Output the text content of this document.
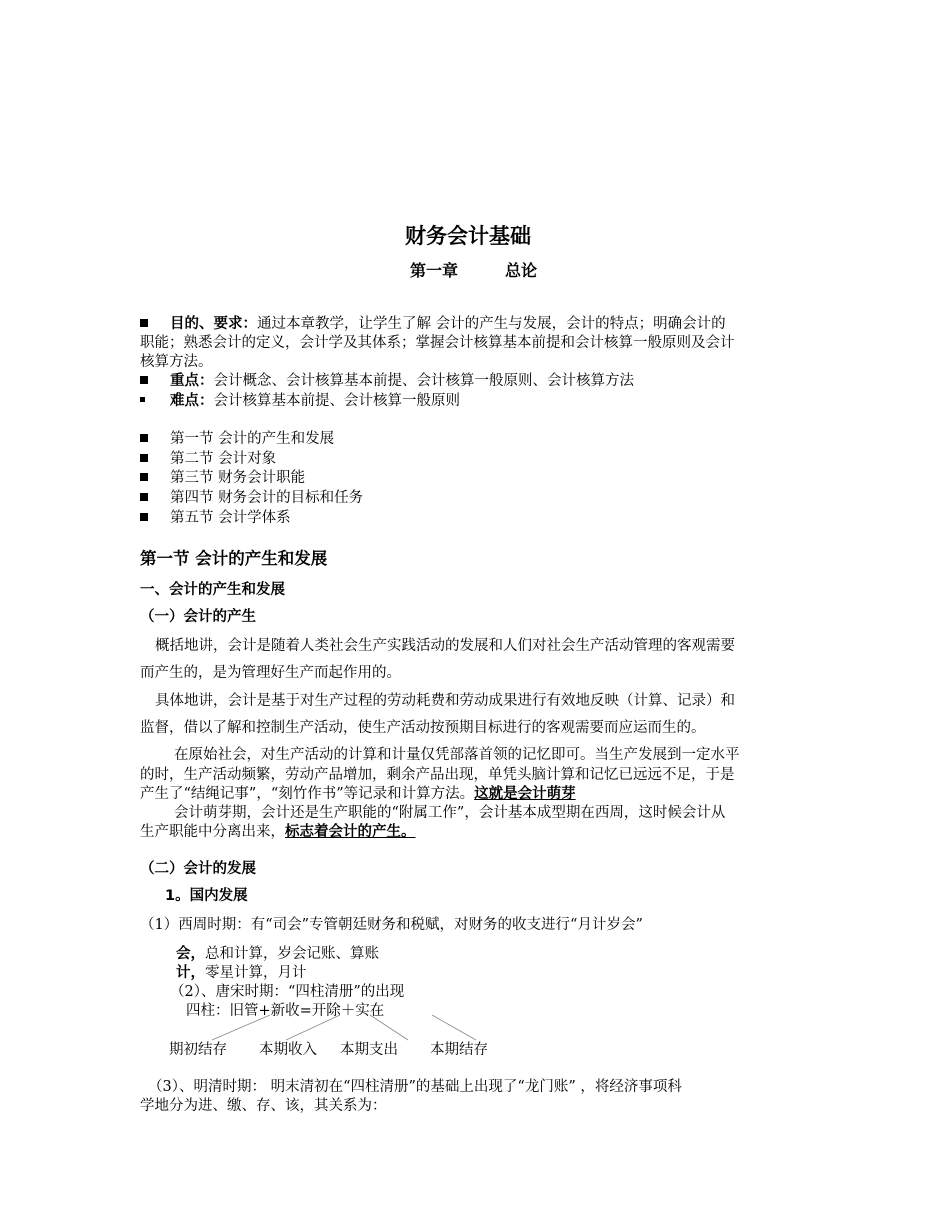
财务会计基础
第一章	总论
目的、要求：通过本章教学，让学生了解 会计的产生与发展，会计的特点；明确会计的
职能；熟悉会计的定义，会计学及其体系；掌握会计核算基本前提和会计核算一般原则及会计
核算方法。
重点：会计概念、会计核算基本前提、会计核算一般原则、会计核算方法
难点：会计核算基本前提、会计核算一般原则
第一节 会计的产生和发展
第二节 会计对象
第三节 财务会计职能
第四节 财务会计的目标和任务
第五节 会计学体系
第一节 会计的产生和发展
一、会计的产生和发展
（一）会计的产生
概括地讲，会计是随着人类社会生产实践活动的发展和人们对社会生产活动管理的客观需要
而产生的，是为管理好生产而起作用的。
具体地讲，会计是基于对生产过程的劳动耗费和劳动成果进行有效地反映（计算、记录）和
监督，借以了解和控制生产活动，使生产活动按预期目标进行的客观需要而应运而生的。
在原始社会，对生产活动的计算和计量仅凭部落首领的记忆即可。当生产发展到一定水平
的时，生产活动频繁，劳动产品增加，剩余产品出现，单凭头脑计算和记忆已远远不足，于是
产生了“结绳记事”，“刻竹作书”等记录和计算方法。这就是会计萌芽
会计萌芽期，会计还是生产职能的“附属工作”，会计基本成型期在西周，这时候会计从
生产职能中分离出来，标志着会计的产生。
（二）会计的发展
1。国内发展
（1）西周时期：有“司会”专管朝廷财务和税赋，对财务的收支进行“月计岁会”
会，总和计算，岁会记账、算账
计，零星计算，月计
（2）、唐宋时期：“四柱清册”的出现
四柱：旧管+新收=开除＋实在
期初结存 本期收入 本期支出 本期结存
（3）、明清时期： 明末清初在“四柱清册”的基础上出现了“龙门账” ，将经济事项科
学地分为进、缴、存、该，其关系为：
